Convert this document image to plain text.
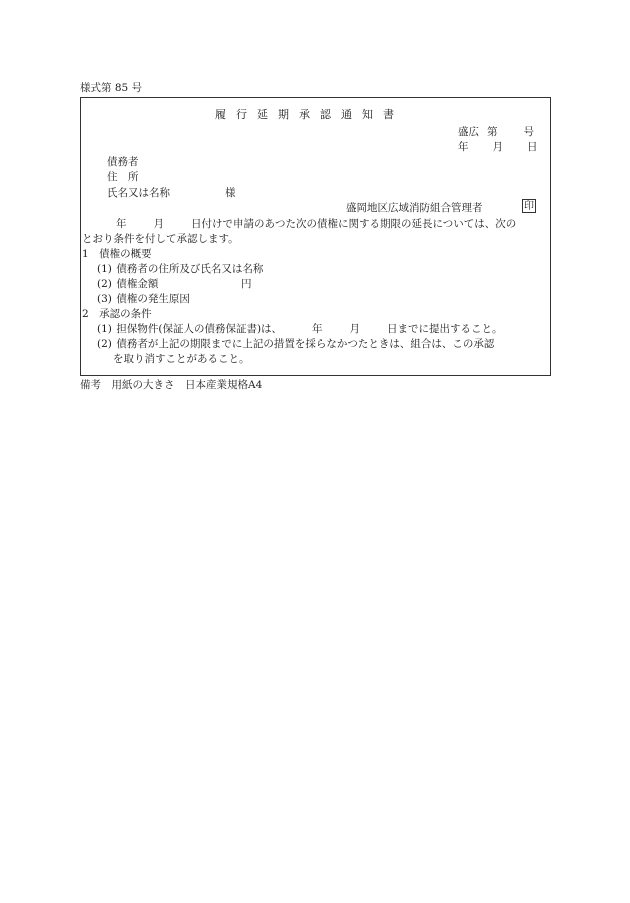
様式第 85 号
履行延期承認通知書
盛広 第 号
年 月 日
債務者
住　所
氏名又は名称	様
盛岡地区広域消防組合管理者	印
年	月	日付けで申請のあつた次の債権に関する期限の延長については、次の
とおり条件を付して承認します。
1　債権の概要
(1) 債務者の住所及び氏名又は名称
(2) 債権金額	円
(3) 債権の発生原因
2　承認の条件
(1) 担保物件(保証人の債務保証書)は、	年	月	日までに提出すること。
(2) 債務者が上記の期限までに上記の措置を採らなかつたときは、組合は、この承認
を取り消すことがあること。
備考　用紙の大きさ　日本産業規格A4
